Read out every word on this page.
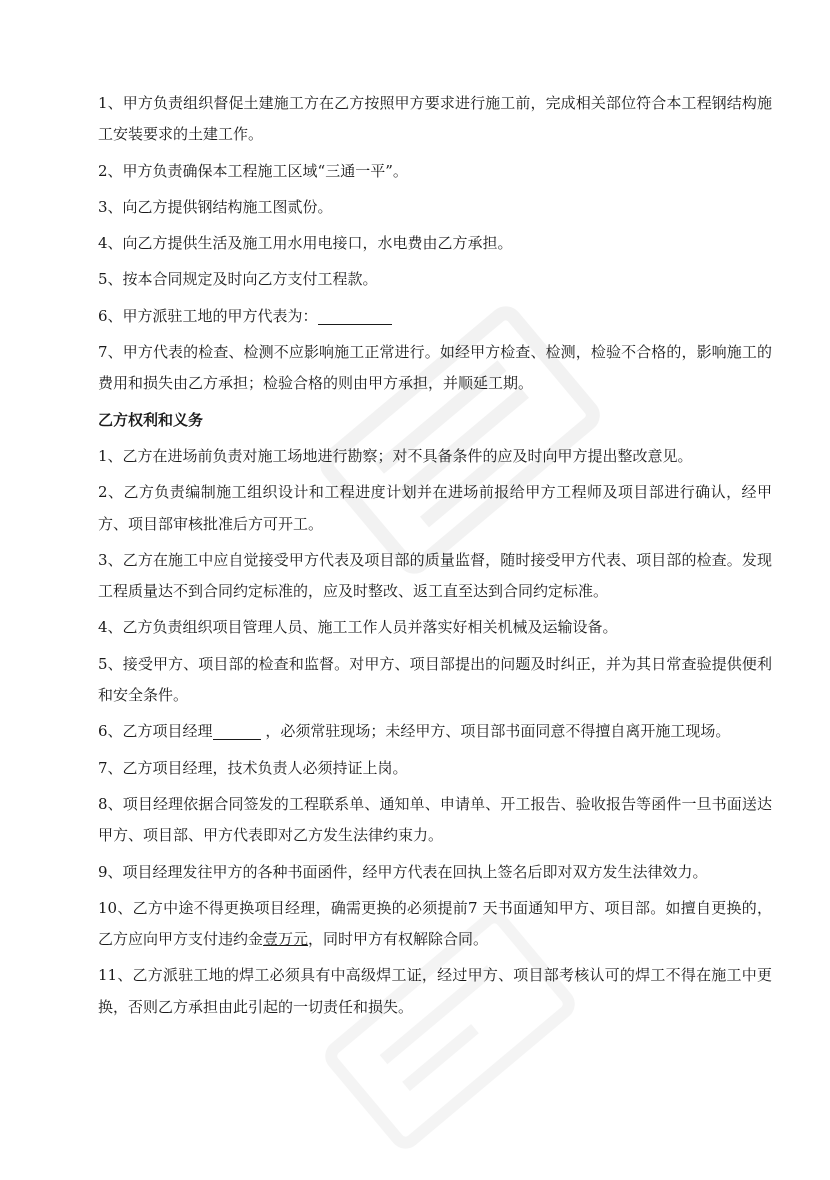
1、甲方负责组织督促土建施工方在乙方按照甲方要求进行施工前，完成相关部位符合本工程钢结构施工安装要求的土建工作。

2、甲方负责确保本工程施工区域“三通一平”。

3、向乙方提供钢结构施工图贰份。

4、向乙方提供生活及施工用水用电接口，水电费由乙方承担。

5、按本合同规定及时向乙方支付工程款。

6、甲方派驻工地的甲方代表为：

7、甲方代表的检查、检测不应影响施工正常进行。如经甲方检查、检测，检验不合格的，影响施工的费用和损失由乙方承担；检验合格的则由甲方承担，并顺延工期。

乙方权利和义务

1、乙方在进场前负责对施工场地进行勘察；对不具备条件的应及时向甲方提出整改意见。

2、乙方负责编制施工组织设计和工程进度计划并在进场前报给甲方工程师及项目部进行确认，经甲方、项目部审核批准后方可开工。

3、乙方在施工中应自觉接受甲方代表及项目部的质量监督，随时接受甲方代表、项目部的检查。发现工程质量达不到合同约定标准的，应及时整改、返工直至达到合同约定标准。

4、乙方负责组织项目管理人员、施工工作人员并落实好相关机械及运输设备。

5、接受甲方、项目部的检查和监督。对甲方、项目部提出的问题及时纠正，并为其日常查验提供便利和安全条件。

6、乙方项目经理	，必须常驻现场；未经甲方、项目部书面同意不得擅自离开施工现场。

7、乙方项目经理，技术负责人必须持证上岗。

8、项目经理依据合同签发的工程联系单、通知单、申请单、开工报告、验收报告等函件一旦书面送达甲方、项目部、甲方代表即对乙方发生法律约束力。

9、项目经理发往甲方的各种书面函件，经甲方代表在回执上签名后即对双方发生法律效力。

10、乙方中途不得更换项目经理，确需更换的必须提前7 天书面通知甲方、项目部。如擅自更换的，乙方应向甲方支付违约金壹万元，同时甲方有权解除合同。

11、乙方派驻工地的焊工必须具有中高级焊工证，经过甲方、项目部考核认可的焊工不得在施工中更换，否则乙方承担由此引起的一切责任和损失。
